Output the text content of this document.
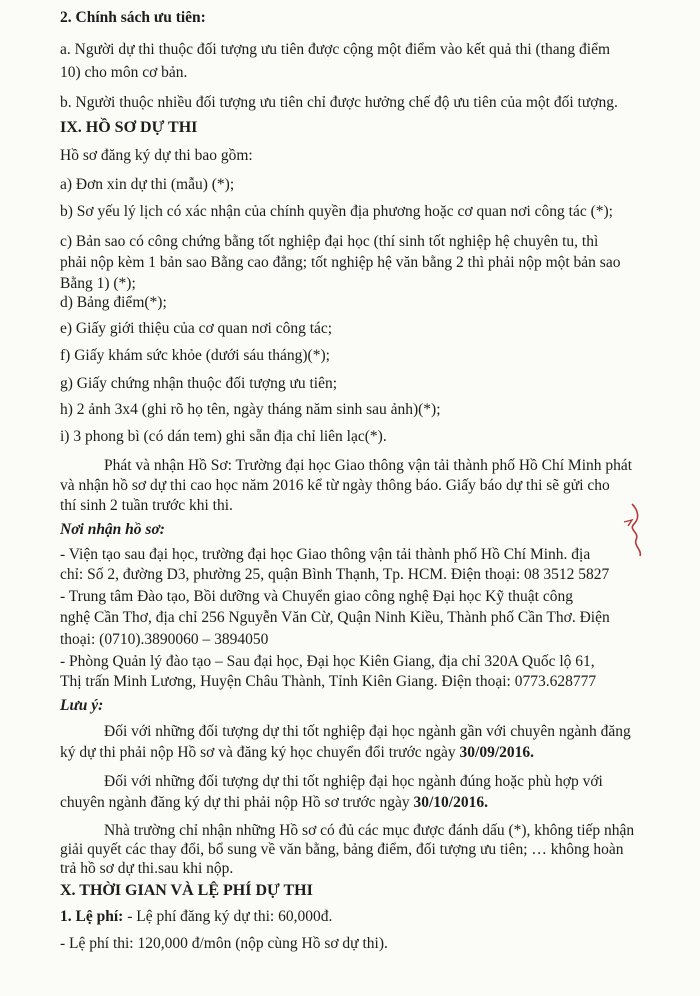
2. Chính sách ưu tiên:

a. Người dự thi thuộc đối tượng ưu tiên được cộng một điểm vào kết quả thi (thang điểm

10) cho môn cơ bản.

b. Người thuộc nhiều đối tượng ưu tiên chỉ được hưởng chế độ ưu tiên của một đối tượng.

IX. HỒ SƠ DỰ THI

Hồ sơ đăng ký dự thi bao gồm:

a) Đơn xin dự thi (mẫu) (*);

b) Sơ yếu lý lịch có xác nhận của chính quyền địa phương hoặc cơ quan nơi công tác (*);

c) Bản sao có công chứng bằng tốt nghiệp đại học (thí sinh tốt nghiệp hệ chuyên tu, thì

phải nộp kèm 1 bản sao Bằng cao đẳng; tốt nghiệp hệ văn bằng 2 thì phải nộp một bản sao

Bằng 1) (*);

d) Bảng điểm(*);

e) Giấy giới thiệu của cơ quan nơi công tác;

f) Giấy khám sức khỏe (dưới sáu tháng)(*);

g) Giấy chứng nhận thuộc đối tượng ưu tiên;

h) 2 ảnh 3x4 (ghi rõ họ tên, ngày tháng năm sinh sau ảnh)(*);

i) 3 phong bì (có dán tem) ghi sẵn địa chỉ liên lạc(*).

Phát và nhận Hồ Sơ: Trường đại học Giao thông vận tải thành phố Hồ Chí Minh phát

và nhận hồ sơ dự thi cao học năm 2016 kể từ ngày thông báo. Giấy báo dự thi sẽ gửi cho

thí sinh 2 tuần trước khi thi.

Nơi nhận hồ sơ:

- Viện tạo sau đại học, trường đại học Giao thông vận tải thành phố Hồ Chí Minh. địa

chỉ: Số 2, đường D3, phường 25, quận Bình Thạnh, Tp. HCM. Điện thoại: 08 3512 5827

- Trung tâm Đào tạo, Bồi dưỡng và Chuyển giao công nghệ Đại học Kỹ thuật công

nghệ Cần Thơ, địa chỉ 256 Nguyễn Văn Cừ, Quận Ninh Kiều, Thành phố Cần Thơ. Điện

thoại: (0710).3890060 – 3894050

- Phòng Quản lý đào tạo – Sau đại học, Đại học Kiên Giang, địa chỉ 320A Quốc lộ 61,

Thị trấn Minh Lương, Huyện Châu Thành, Tỉnh Kiên Giang. Điện thoại: 0773.628777

Lưu ý:

Đối với những đối tượng dự thi tốt nghiệp đại học ngành gần với chuyên ngành đăng

ký dự thi phải nộp Hồ sơ và đăng ký học chuyển đổi trước ngày 30/09/2016.

Đối với những đối tượng dự thi tốt nghiệp đại học ngành đúng hoặc phù hợp với

chuyên ngành đăng ký dự thi phải nộp Hồ sơ trước ngày 30/10/2016.

Nhà trường chỉ nhận những Hồ sơ có đủ các mục được đánh dấu (*), không tiếp nhận

giải quyết các thay đổi, bổ sung về văn bằng, bảng điểm, đối tượng ưu tiên; … không hoàn

trả hồ sơ dự thi.sau khi nộp.

X. THỜI GIAN VÀ LỆ PHÍ DỰ THI

1. Lệ phí: - Lệ phí đăng ký dự thi: 60,000đ.

- Lệ phí thi: 120,000 đ/môn (nộp cùng Hồ sơ dự thi).
